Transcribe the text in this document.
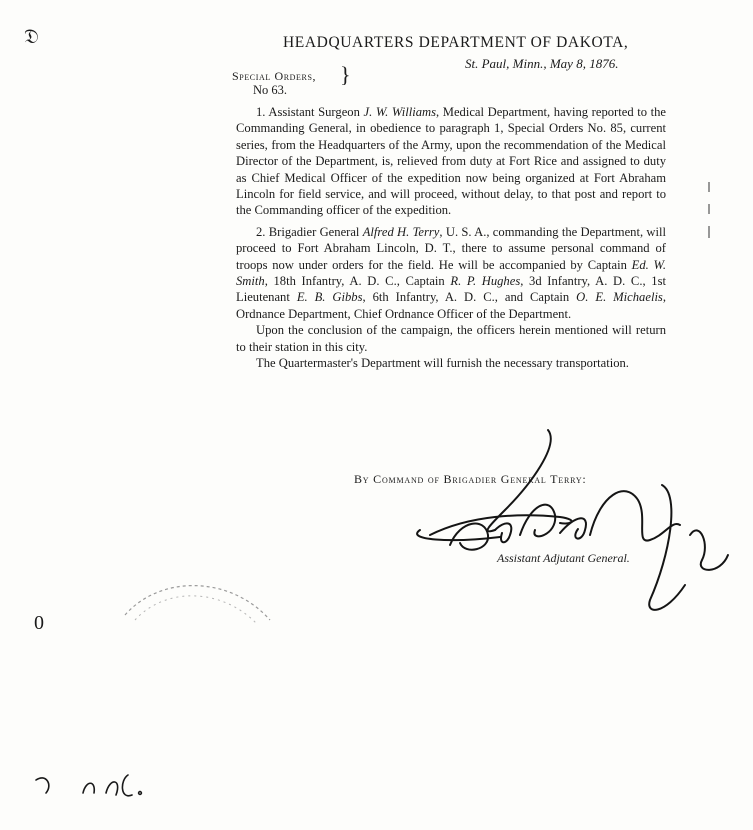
𝔇
0
HEADQUARTERS DEPARTMENT OF DAKOTA,
St. Paul, Minn., May 8, 1876.
Special Orders,
No 63.
}

1. Assistant Surgeon J. W. Williams, Medical Department, having reported to the Commanding General, in obedience to paragraph 1, Special Orders No. 85, current series, from the Headquarters of the Army, upon the recommendation of the Medical Director of the Department, is, relieved from duty at Fort Rice and assigned to duty as Chief Medical Officer of the expedition now being organized at Fort Abraham Lincoln for field service, and will proceed, without delay, to that post and report to the Commanding officer of the expedition.

2. Brigadier General Alfred H. Terry, U. S. A., commanding the Department, will proceed to Fort Abraham Lincoln, D. T., there to assume personal command of troops now under orders for the field. He will be accompanied by Captain Ed. W. Smith, 18th Infantry, A. D. C., Captain R. P. Hughes, 3d Infantry, A. D. C., 1st Lieutenant E. B. Gibbs, 6th Infantry, A. D. C., and Captain O. E. Michaelis, Ordnance Department, Chief Ordnance Officer of the Department.

Upon the conclusion of the campaign, the officers herein mentioned will return to their station in this city.

The Quartermaster's Department will furnish the necessary transportation.

By Command of Brigadier General Terry:
Assistant Adjutant General.
